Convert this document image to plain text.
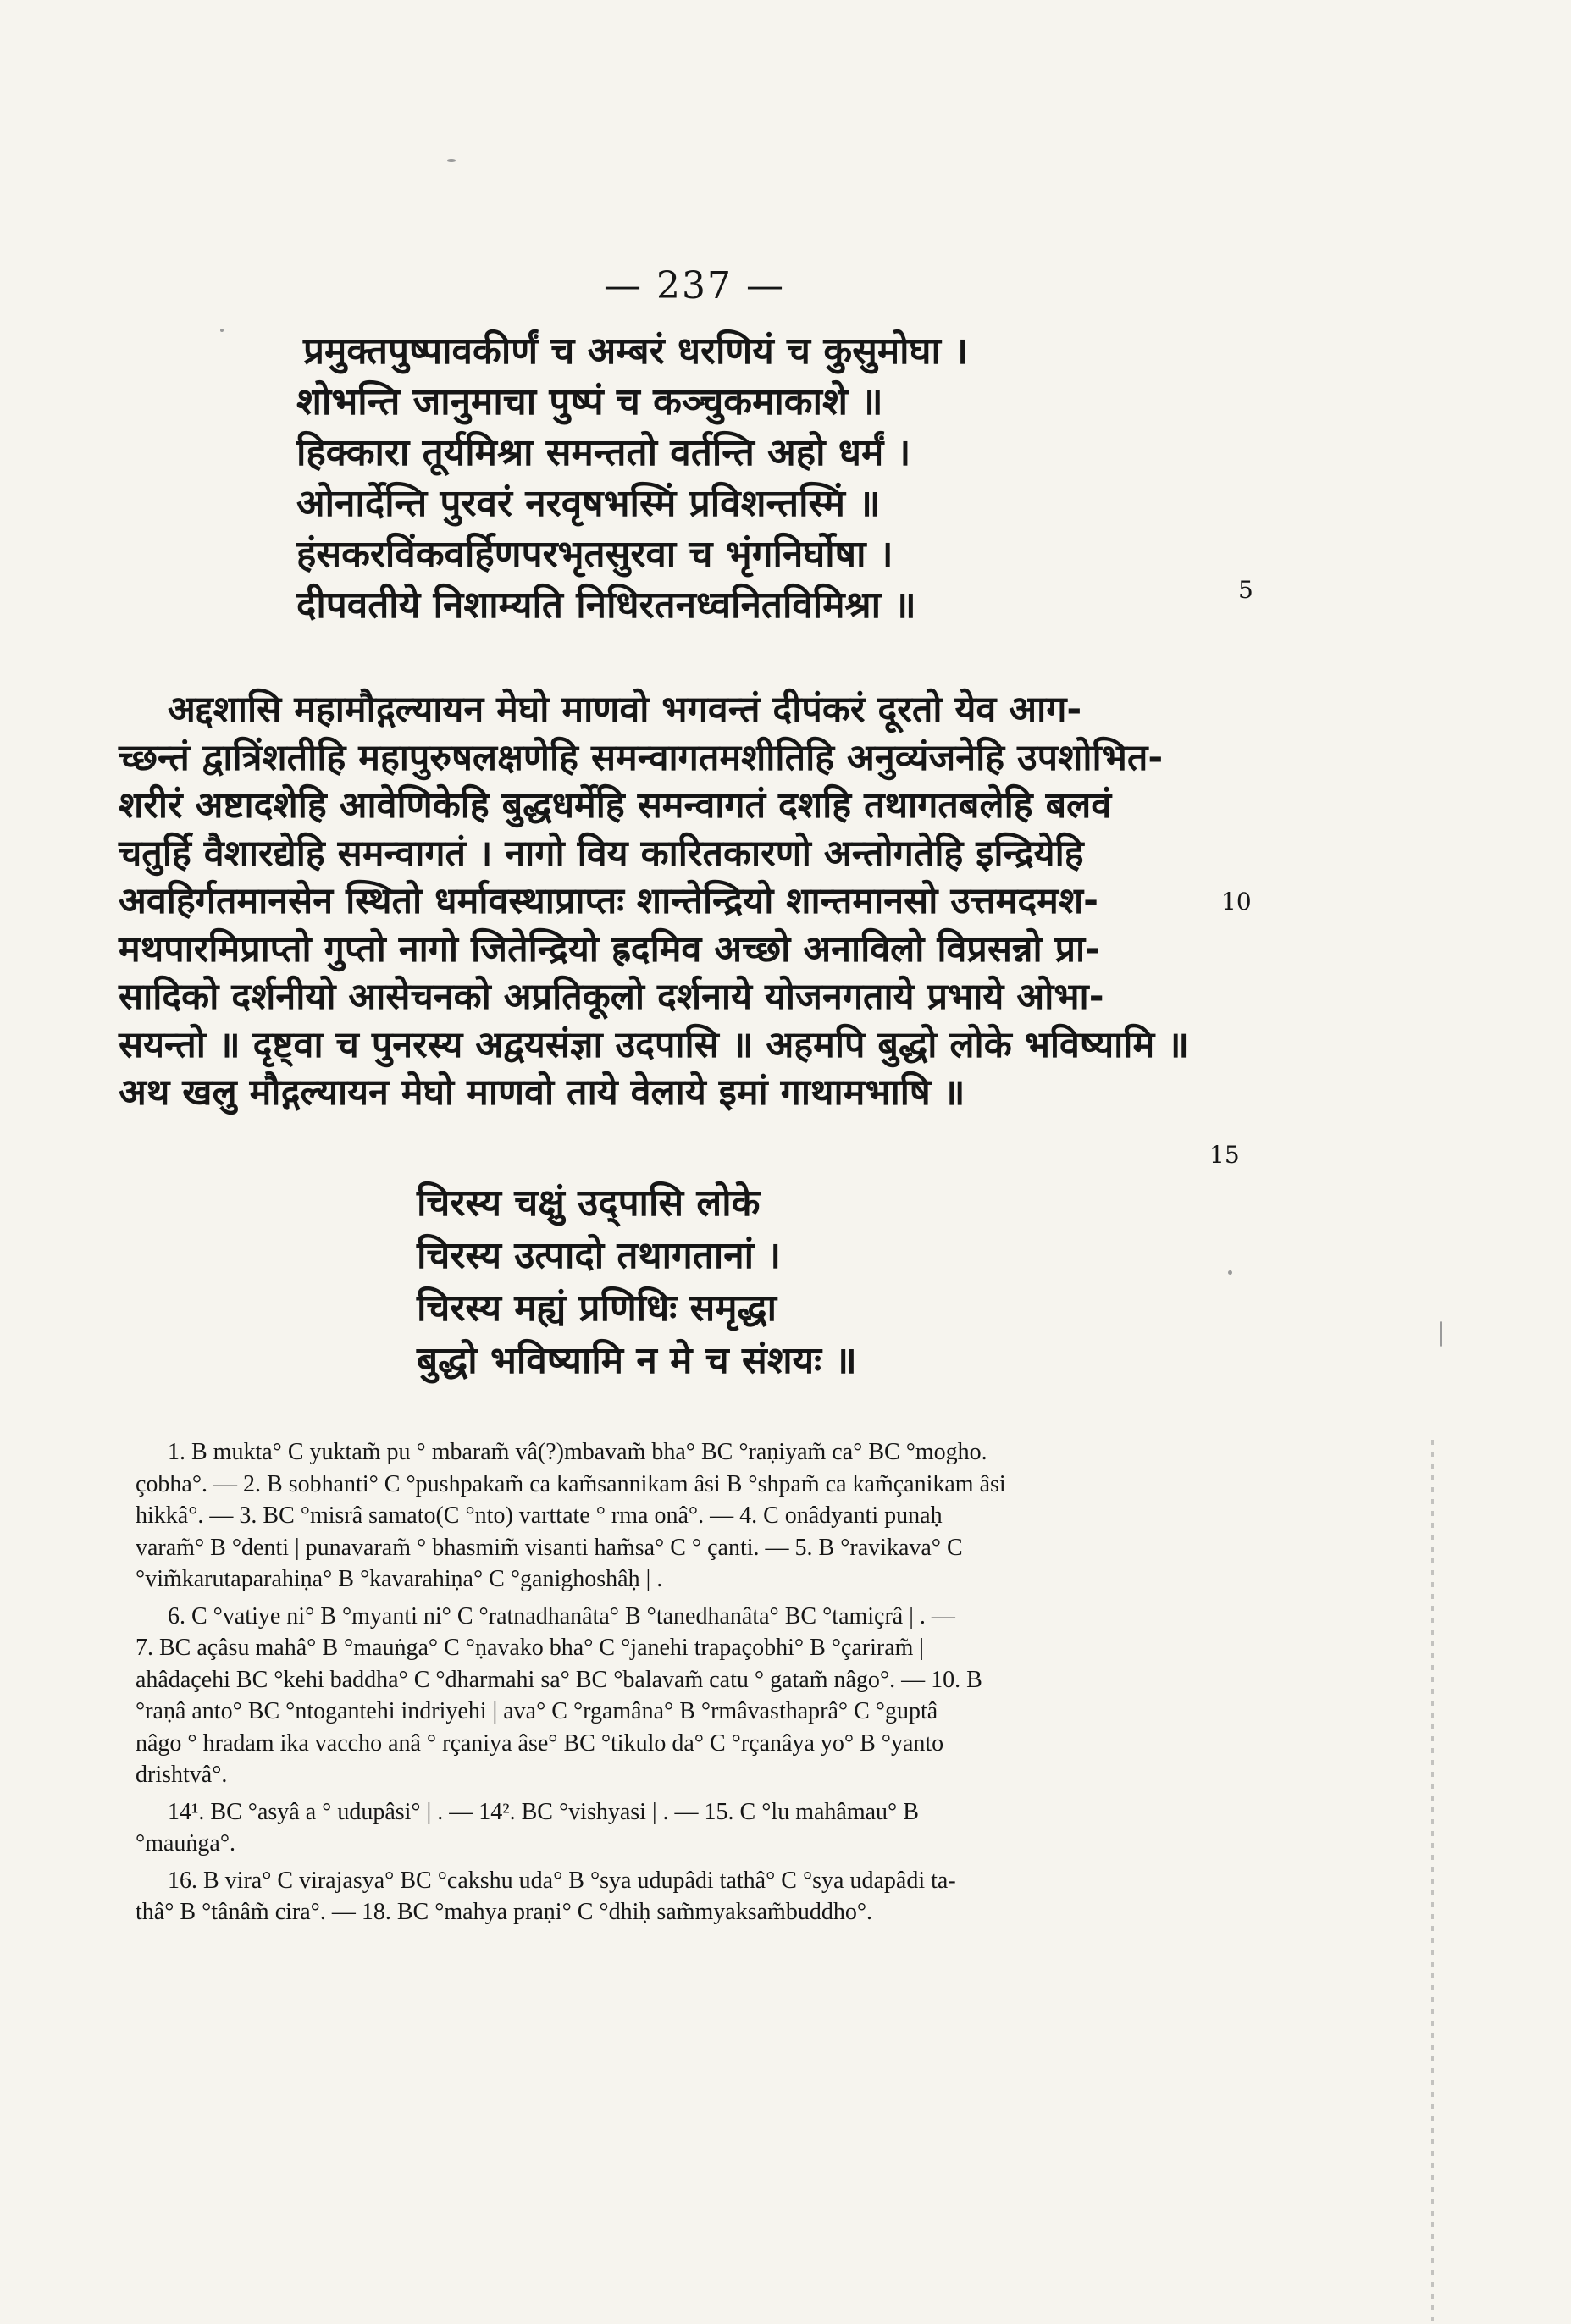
— 237 —
प्रमुक्तपुष्पावकीर्णं च अम्बरं धरणियं च कुसुमोघा ।
शोभन्ति जानुमाचा पुष्पं च कञ्चुकमाकाशे ॥
हिक्कारा तूर्यमिश्रा समन्ततो वर्तन्ति अहो धर्मं ।
ओनार्देन्ति पुरवरं नरवृषभस्मिं प्रविशन्तस्मिं ॥
हंसकरविंकवर्हिणपरभृतसुरवा च भृंगनिर्घोषा ।
दीपवतीये निशाम्यति निधिरतनध्वनितविमिश्रा ॥	5
अद्दशासि महामौद्गल्यायन मेघो माणवो भगवन्तं दीपंकरं दूरतो येव आग-
च्छन्तं द्वात्रिंशतीहि महापुरुषलक्षणेहि समन्वागतमशीतिहि अनुव्यंजनेहि उपशोभित-
शरीरं अष्टादशेहि आवेणिकेहि बुद्धधर्मेहि समन्वागतं दशहि तथागतबलेहि बलवं
चतुर्हि वैशारद्येहि समन्वागतं । नागो विय कारितकारणो अन्तोगतेहि इन्द्रियेहि
अवहिर्गतमानसेन स्थितो धर्मावस्थाप्राप्तः शान्तेन्द्रियो शान्तमानसो उत्तमदमश-
मथपारमिप्राप्तो गुप्तो नागो जितेन्द्रियो ह्रदमिव अच्छो अनाविलो विप्रसन्नो प्रा-
सादिको दर्शनीयो आसेचनको अप्रतिकूलो दर्शनाये योजनगताये प्रभाये ओभा-
सयन्तो ॥ दृष्ट्वा च पुनरस्य अद्वयसंज्ञा उदपासि ॥ अहमपि बुद्धो लोके भविष्यामि ॥
अथ खलु मौद्गल्यायन मेघो माणवो ताये वेलाये इमां गाथामभाषि ॥
10
15
चिरस्य चक्षुं उद्पासि लोके
चिरस्य उत्पादो तथागतानां ।
चिरस्य मह्यं प्रणिधिः समृद्धा
बुद्धो भविष्यामि न मे च संशयः ॥
1. B mukta° C yuktam̃ pu ° mbaram̃ vâ(?)mbavam̃ bha° BC °raṇiyam̃ ca° BC °mogho.
çobha°. — 2. B sobhanti° C °pushpakam̃ ca kam̃sannikam âsi B °shpam̃ ca kam̃çanikam âsi
hikkâ°. — 3. BC °misrâ samato(C °nto) varttate ° rma onâ°. — 4. C onâdyanti punaḥ
varam̃° B °denti | punavaram̃ ° bhasmim̃ visanti ham̃sa° C ° çanti. — 5. B °ravikava° C
°vim̃karutaparahiṇa° B °kavarahiṇa° C °ganighoshâḥ | .
6. C °vatiye ni° B °myanti ni° C °ratnadhanâta° B °tanedhanâta° BC °tamiçrâ | . —
7. BC açâsu mahâ° B °mauṅga° C °ṇavako bha° C °janehi trapaçobhi° B °çariram̃ |
ahâdaçehi BC °kehi baddha° C °dharmahi sa° BC °balavam̃ catu ° gatam̃ nâgo°. — 10. B
°raṇâ anto° BC °ntogantehi indriyehi | ava° C °rgamâna° B °rmâvasthaprâ° C °guptâ
nâgo ° hradam ika vaccho anâ ° rçaniya âse° BC °tikulo da° C °rçanâya yo° B °yanto
drishtvâ°.
14¹. BC °asyâ a ° udupâsi° | . — 14². BC °vishyasi | . — 15. C °lu mahâmau° B
°mauṅga°.
16. B vira° C virajasya° BC °cakshu uda° B °sya udupâdi tathâ° C °sya udapâdi ta-
thâ° B °tânâm̃ cira°. — 18. BC °mahya praṇi° C °dhiḥ sam̃myaksam̃buddho°.
